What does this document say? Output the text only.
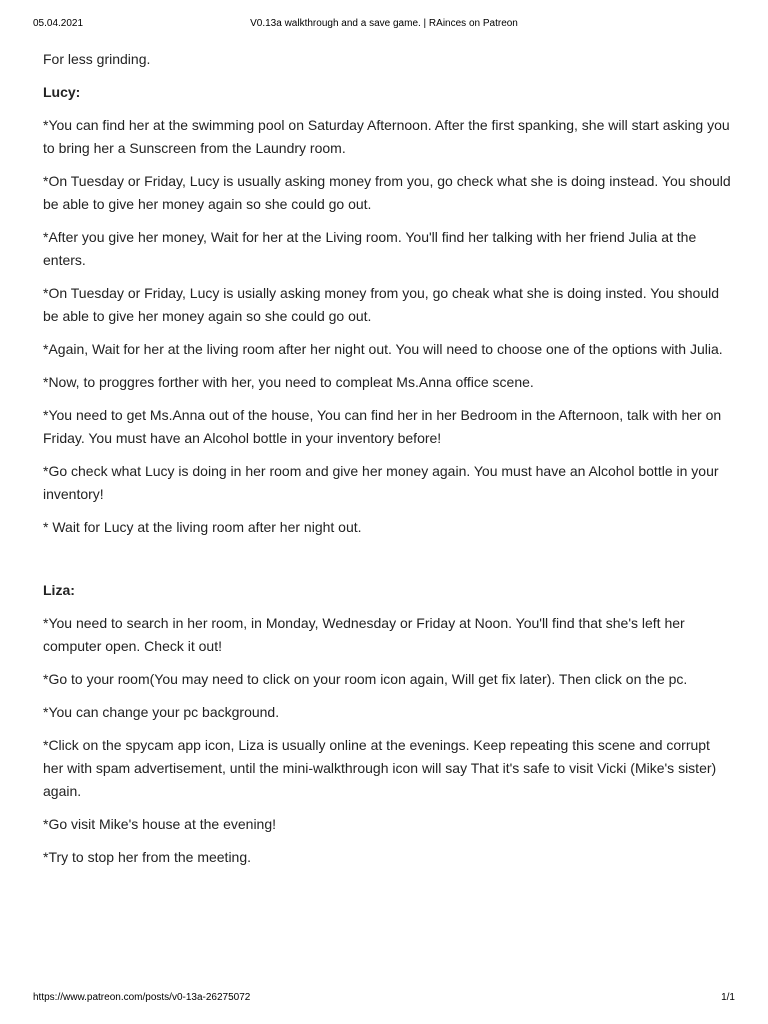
05.04.2021	V0.13a walkthrough and a save game. | RAinces on Patreon

For less grinding.

Lucy:

*You can find her at the swimming pool on Saturday Afternoon. After the first spanking, she will start asking you to bring her a Sunscreen from the Laundry room.

*On Tuesday or Friday, Lucy is usually asking money from you, go check what she is doing instead. You should be able to give her money again so she could go out.

*After you give her money, Wait for her at the Living room. You'll find her talking with her friend Julia at the enters.

*On Tuesday or Friday, Lucy is usially asking money from you, go cheak what she is doing insted. You should be able to give her money again so she could go out.

*Again, Wait for her at the living room after her night out. You will need to choose one of the options with Julia.

*Now, to proggres forther with her, you need to compleat Ms.Anna office scene.

*You need to get Ms.Anna out of the house, You can find her in her Bedroom in the Afternoon, talk with her on Friday. You must have an Alcohol bottle in your inventory before!

*Go check what Lucy is doing in her room and give her money again. You must have an Alcohol bottle in your inventory!

* Wait for Lucy at the living room after her night out.

Liza:

*You need to search in her room, in Monday, Wednesday or Friday at Noon. You'll find that she's left her computer open. Check it out!

*Go to your room(You may need to click on your room icon again, Will get fix later). Then click on the pc.

*You can change your pc background.

*Click on the spycam app icon, Liza is usually online at the evenings. Keep repeating this scene and corrupt her with spam advertisement, until the mini-walkthrough icon will say That it's safe to visit Vicki (Mike's sister) again.

*Go visit Mike's house at the evening!

*Try to stop her from the meeting.

https://www.patreon.com/posts/v0-13a-26275072	1/1
